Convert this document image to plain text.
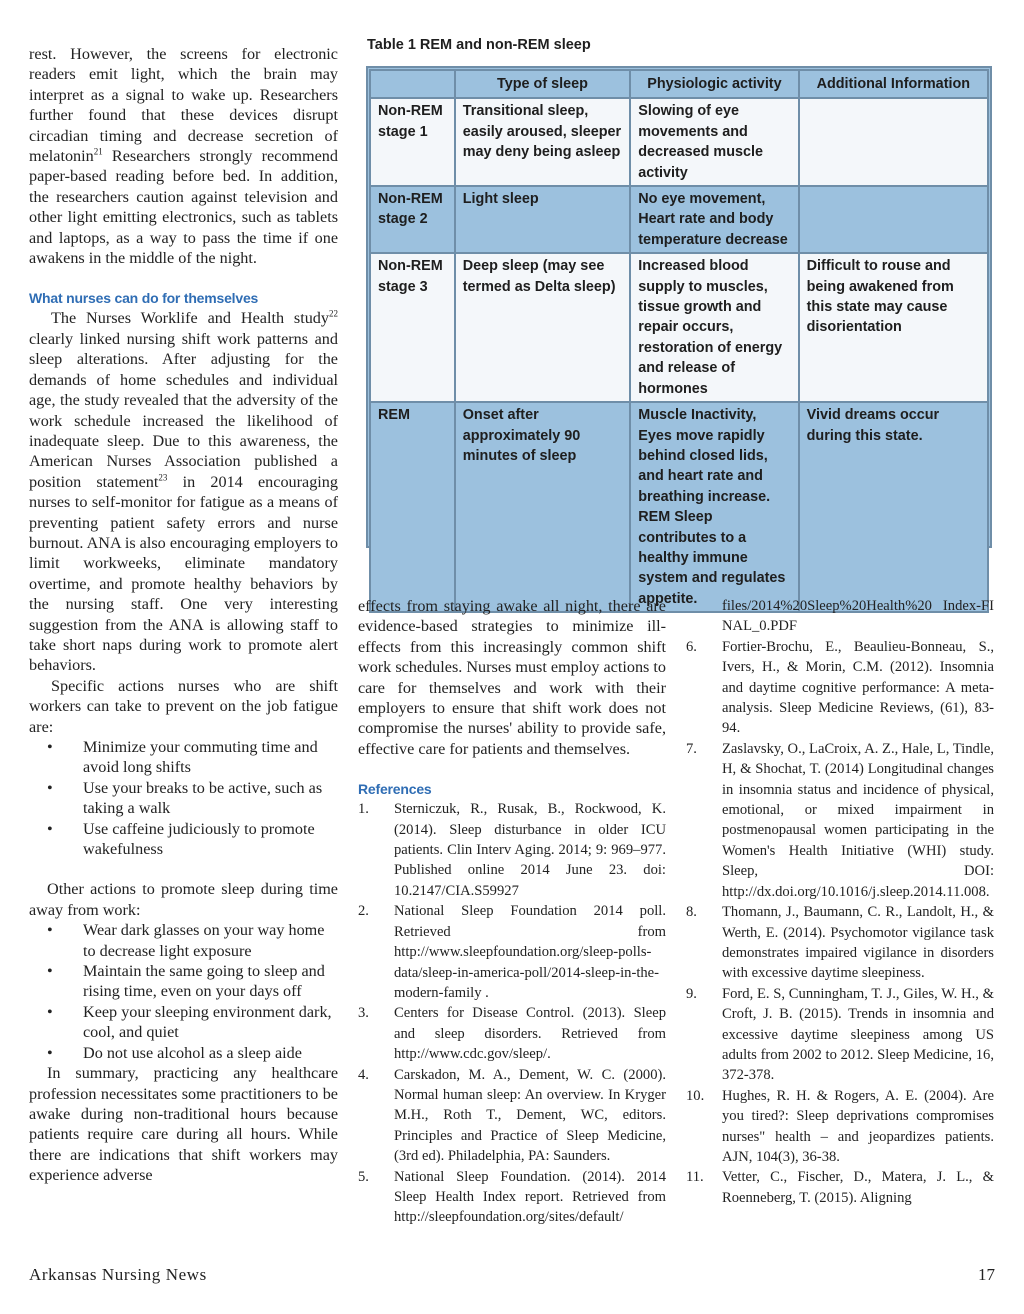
rest. However, the screens for electronic readers emit light, which the brain may interpret as a signal to wake up. Researchers further found that these devices disrupt circadian timing and decrease secretion of melatonin$^{21}$ Researchers strongly recommend paper-based reading before bed. In addition, the researchers caution against television and other light emitting electronics, such as tablets and laptops, as a way to pass the time if one awakens in the middle of the night.

What nurses can do for themselves

The Nurses Worklife and Health study$^{22}$ clearly linked nursing shift work patterns and sleep alterations. After adjusting for the demands of home schedules and individual age, the study revealed that the adversity of the work schedule increased the likelihood of inadequate sleep. Due to this awareness, the American Nurses Association published a position statement$^{23}$ in 2014 encouraging nurses to self-monitor for fatigue as a means of preventing patient safety errors and nurse burnout. ANA is also encouraging employers to limit workweeks, eliminate mandatory overtime, and promote healthy behaviors by the nursing staff. One very interesting suggestion from the ANA is allowing staff to take short naps during work to promote alert behaviors.

Specific actions nurses who are shift workers can take to prevent on the job fatigue are:

• Minimize your commuting time and avoid long shifts
• Use your breaks to be active, such as taking a walk
• Use caffeine judiciously to promote wakefulness

Other actions to promote sleep during time away from work:

• Wear dark glasses on your way home to decrease light exposure
• Maintain the same going to sleep and rising time, even on your days off
• Keep your sleeping environment dark, cool, and quiet
• Do not use alcohol as a sleep aide

In summary, practicing any healthcare profession necessitates some practitioners to be awake during non-traditional hours because patients require care during all hours. While there are indications that shift workers may experience adverse

Table 1 REM and non-REM sleep

	Type of sleep	Physiologic activity	Additional Information
Non-REM stage 1	Transitional sleep, easily aroused, sleeper may deny being asleep	Slowing of eye movements and decreased muscle activity	
Non-REM stage 2	Light sleep	No eye movement, Heart rate and body temperature decrease	
Non-REM stage 3	Deep sleep (may see termed as Delta sleep)	Increased blood supply to muscles, tissue growth and repair occurs, restoration of energy and release of hormones	Difficult to rouse and being awakened from this state may cause disorientation
REM	Onset after approximately 90 minutes of sleep	Muscle Inactivity, Eyes move rapidly behind closed lids, and heart rate and breathing increase. REM Sleep contributes to a healthy immune system and regulates appetite.	Vivid dreams occur during this state.

effects from staying awake all night, there are evidence-based strategies to minimize ill-effects from this increasingly common shift work schedules. Nurses must employ actions to care for themselves and work with their employers to ensure that shift work does not compromise the nurses' ability to provide safe, effective care for patients and themselves.

References

1. Sterniczuk, R., Rusak, B., Rockwood, K. (2014). Sleep disturbance in older ICU patients. Clin Interv Aging. 2014; 9: 969–977. Published online 2014 June 23. doi: 10.2147/CIA.S59927
2. National Sleep Foundation 2014 poll. Retrieved from http://www.sleepfoundation.org/sleep-polls-data/sleep-in-america-poll/2014-sleep-in-the-modern-family .
3. Centers for Disease Control. (2013). Sleep and sleep disorders. Retrieved from http://www.cdc.gov/sleep/.
4. Carskadon, M. A., Dement, W. C. (2000). Normal human sleep: An overview. In Kryger M.H., Roth T., Dement, WC, editors. Principles and Practice of Sleep Medicine, (3rd ed). Philadelphia, PA: Saunders.
5. National Sleep Foundation. (2014). 2014 Sleep Health Index report. Retrieved from http://sleepfoundation.org/sites/default/
files/2014%20Sleep%20Health%20 Index-FINAL_0.PDF
6. Fortier-Brochu, E., Beaulieu-Bonneau, S., Ivers, H., & Morin, C.M. (2012). Insomnia and daytime cognitive performance: A meta-analysis. Sleep Medicine Reviews, (61), 83-94.
7. Zaslavsky, O., LaCroix, A. Z., Hale, L, Tindle, H, & Shochat, T. (2014) Longitudinal changes in insomnia status and incidence of physical, emotional, or mixed impairment in postmenopausal women participating in the Women's Health Initiative (WHI) study. Sleep, DOI: http://dx.doi.org/10.1016/j.sleep.2014.11.008.
8. Thomann, J., Baumann, C. R., Landolt, H., & Werth, E. (2014). Psychomotor vigilance task demonstrates impaired vigilance in disorders with excessive daytime sleepiness.
9. Ford, E. S, Cunningham, T. J., Giles, W. H., & Croft, J. B. (2015). Trends in insomnia and excessive daytime sleepiness among US adults from 2002 to 2012. Sleep Medicine, 16, 372-378.
10. Hughes, R. H. & Rogers, A. E. (2004). Are you tired?: Sleep deprivations compromises nurses" health – and jeopardizes patients. AJN, 104(3), 36-38.
11. Vetter, C., Fischer, D., Matera, J. L., & Roenneberg, T. (2015). Aligning
Arkansas Nursing News	17
